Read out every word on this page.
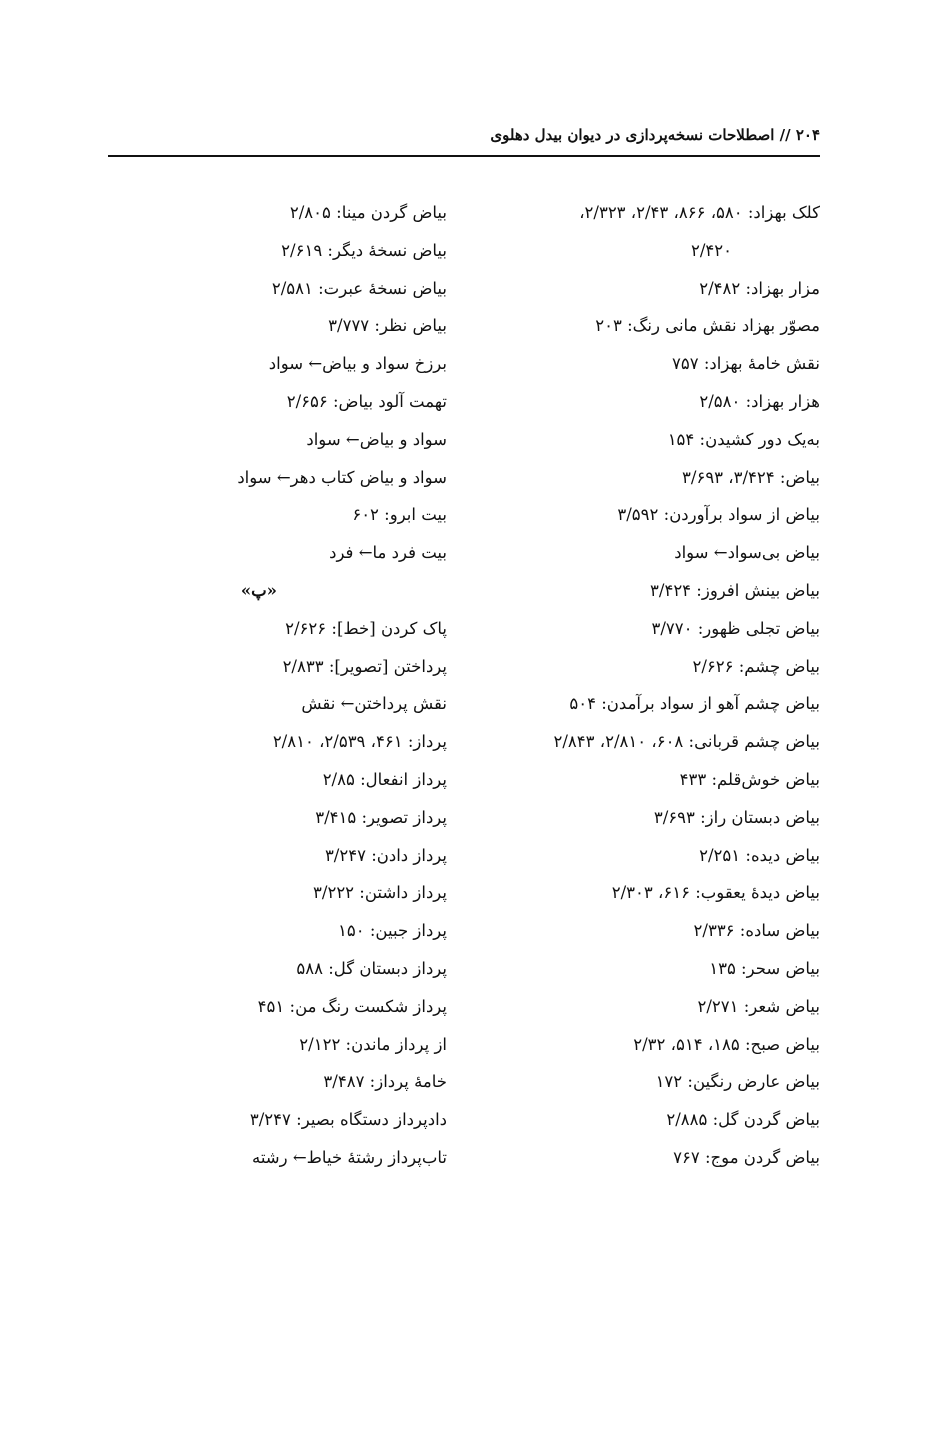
۲۰۴ // اصطلاحات نسخه‌پردازی در دیوان بیدل دهلوی
کلک بهزاد: ۵۸۰، ۸۶۶، ۲/۴۳، ۲/۳۲۳،
۲/۴۲۰
مزار بهزاد: ۲/۴۸۲
مصوّر بهزاد نقش مانی رنگ: ۲۰۳
نقش خامهٔ بهزاد: ۷۵۷
هزار بهزاد: ۲/۵۸۰
به‌یک دور کشیدن: ۱۵۴
بیاض: ۳/۴۲۴، ۳/۶۹۳
بیاض از سواد برآوردن: ۳/۵۹۲
بیاض بی‌سواد← سواد
بیاض بینش افروز: ۳/۴۲۴
بیاض تجلی ظهور: ۳/۷۷۰
بیاض چشم: ۲/۶۲۶
بیاض چشم آهو از سواد برآمدن: ۵۰۴
بیاض چشم قربانی: ۶۰۸، ۲/۸۱۰، ۲/۸۴۳
بیاض خوش‌قلم: ۴۳۳
بیاض دبستان راز: ۳/۶۹۳
بیاض دیده: ۲/۲۵۱
بیاض دیدهٔ یعقوب: ۶۱۶، ۲/۳۰۳
بیاض ساده: ۲/۳۳۶
بیاض سحر: ۱۳۵
بیاض شعر: ۲/۲۷۱
بیاض صبح: ۱۸۵، ۵۱۴، ۲/۳۲
بیاض عارض رنگین: ۱۷۲
بیاض گردن گل: ۲/۸۸۵
بیاض گردن موج: ۷۶۷
بیاض گردن مینا: ۲/۸۰۵
بیاض نسخهٔ دیگر: ۲/۶۱۹
بیاض نسخهٔ عبرت: ۲/۵۸۱
بیاض نظر: ۳/۷۷۷
برزخ سواد و بیاض← سواد
تهمت آلود بیاض: ۲/۶۵۶
سواد و بیاض← سواد
سواد و بیاض کتاب دهر← سواد
بیت ابرو: ۶۰۲
بیت فرد ما← فرد
«پ»
پاک کردن [خط]: ۲/۶۲۶
پرداختن [تصویر]: ۲/۸۳۳
نقش پرداختن← نقش
پرداز: ۴۶۱، ۲/۵۳۹، ۲/۸۱۰
پرداز انفعال: ۲/۸۵
پرداز تصویر: ۳/۴۱۵
پرداز دادن: ۳/۲۴۷
پرداز داشتن: ۳/۲۲۲
پرداز جبین: ۱۵۰
پرداز دبستان گل: ۵۸۸
پرداز شکست رنگ من: ۴۵۱
از پرداز ماندن: ۲/۱۲۲
خامهٔ پرداز: ۳/۴۸۷
دادپرداز دستگاه بصیر: ۳/۲۴۷
تاب‌پرداز رشتهٔ خیاط← رشته
